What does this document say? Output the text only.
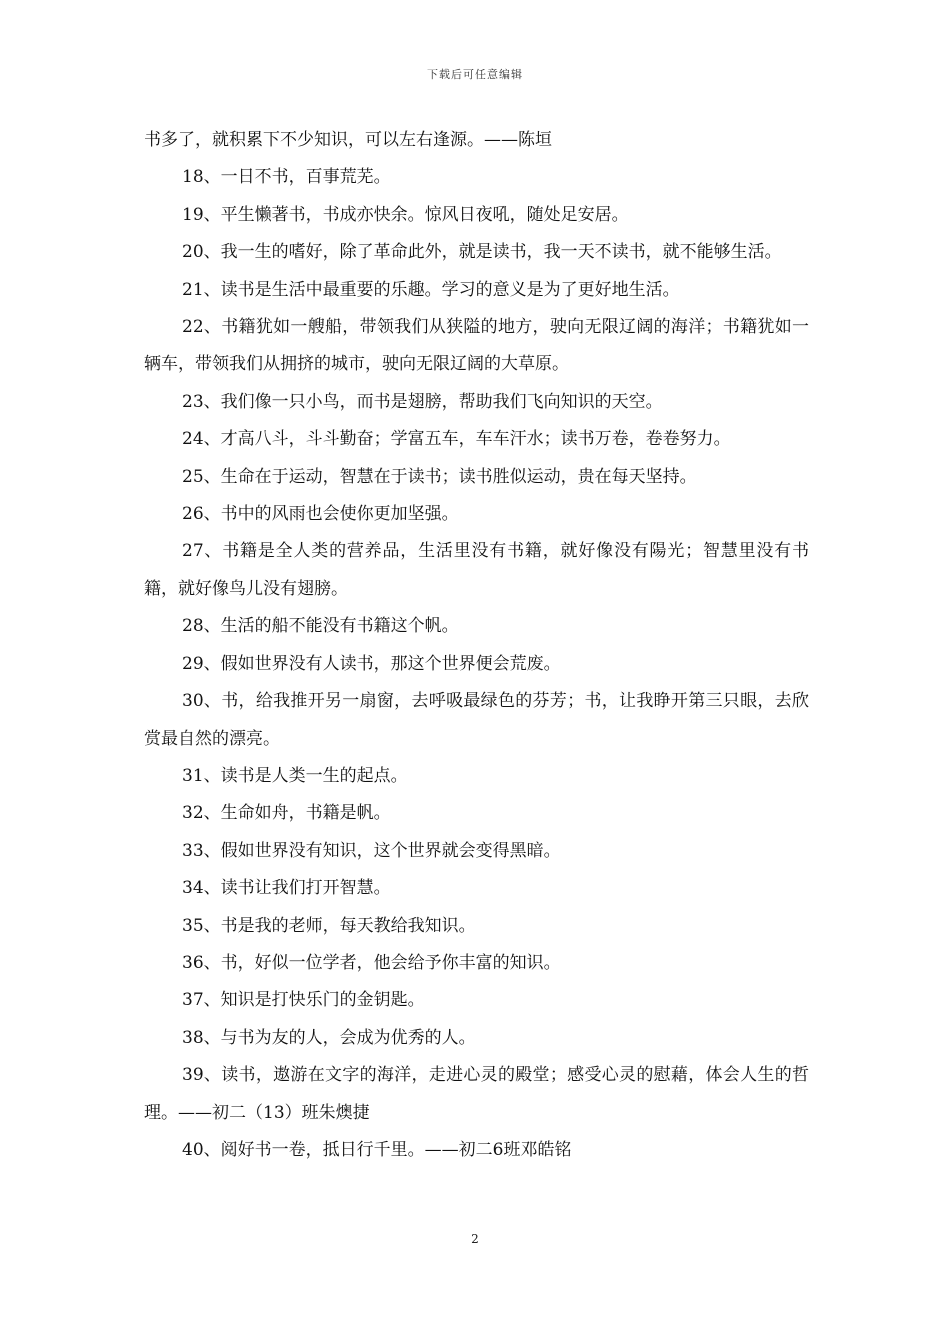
下载后可任意编辑

书多了，就积累下不少知识，可以左右逢源。——陈垣

18、一日不书，百事荒芜。

19、平生懒著书，书成亦快余。惊风日夜吼，随处足安居。

20、我一生的嗜好，除了革命此外，就是读书，我一天不读书，就不能够生活。

21、读书是生活中最重要的乐趣。学习的意义是为了更好地生活。

22、书籍犹如一艘船，带领我们从狭隘的地方，驶向无限辽阔的海洋；书籍犹如一辆车，带领我们从拥挤的城市，驶向无限辽阔的大草原。

23、我们像一只小鸟，而书是翅膀，帮助我们飞向知识的天空。

24、才高八斗，斗斗勤奋；学富五车，车车汗水；读书万卷，卷卷努力。

25、生命在于运动，智慧在于读书；读书胜似运动，贵在每天坚持。

26、书中的风雨也会使你更加坚强。

27、书籍是全人类的营养品，生活里没有书籍，就好像没有陽光；智慧里没有书籍，就好像鸟儿没有翅膀。

28、生活的船不能没有书籍这个帆。

29、假如世界没有人读书，那这个世界便会荒废。

30、书，给我推开另一扇窗，去呼吸最绿色的芬芳；书，让我睁开第三只眼，去欣赏最自然的漂亮。

31、读书是人类一生的起点。

32、生命如舟，书籍是帆。

33、假如世界没有知识，这个世界就会变得黑暗。

34、读书让我们打开智慧。

35、书是我的老师，每天教给我知识。

36、书，好似一位学者，他会给予你丰富的知识。

37、知识是打快乐门的金钥匙。

38、与书为友的人，会成为优秀的人。

39、读书，遨游在文字的海洋，走进心灵的殿堂；感受心灵的慰藉，体会人生的哲理。——初二（13）班朱燠捷

40、阅好书一卷，抵日行千里。——初二6班邓皓铭

2
